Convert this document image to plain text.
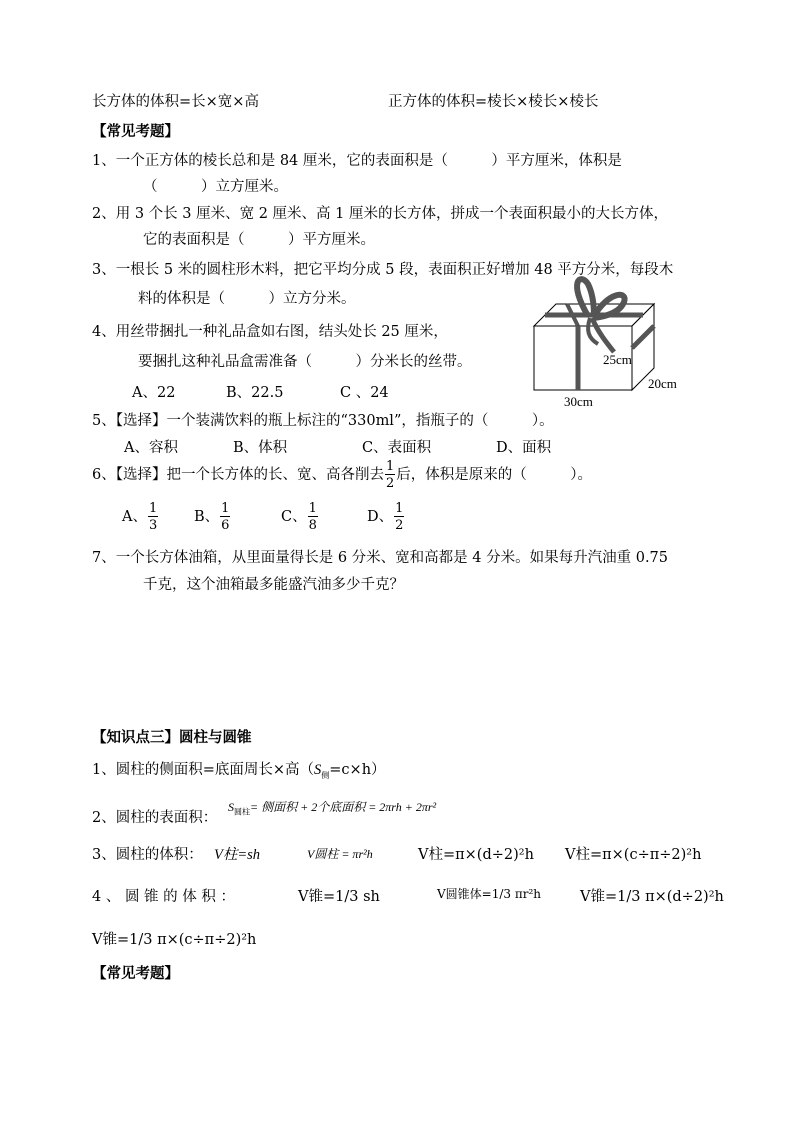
长方体的体积=长×宽×高	正方体的体积=棱长×棱长×棱长
【常见考题】
1、一个正方体的棱长总和是 84 厘米，它的表面积是（　　　）平方厘米，体积是
（　　　）立方厘米。
2、用 3 个长 3 厘米、宽 2 厘米、高 1 厘米的长方体，拼成一个表面积最小的大长方体，
它的表面积是（　　　）平方厘米。
3、一根长 5 米的圆柱形木料，把它平均分成 5 段，表面积正好增加 48 平方分米，每段木
料的体积是（　　　）立方分米。
4、用丝带捆扎一种礼品盒如右图，结头处长 25 厘米，
要捆扎这种礼品盒需准备（　　　）分米长的丝带。
A、22	B、22.5	C 、24
25cm
20cm
30cm
5、【选择】一个装满饮料的瓶上标注的“330ml”，指瓶子的（　　　）。
A、容积	B、体积	C、表面积	D、面积
6、【选择】把一个长方体的长、宽、高各削去 $\frac{1}{2}$ 后，体积是原来的（　　　）。
A、 $\frac{1}{3}$ B、 $\frac{1}{6}$	C、 $\frac{1}{8}$	D、 $\frac{1}{2}$
7、一个长方体油箱，从里面量得长是 6 分米、宽和高都是 4 分米。如果每升汽油重 0.75
千克，这个油箱最多能盛汽油多少千克？
【知识点三】圆柱与圆锥
1、圆柱的侧面积=底面周长×高$(S_侧=c\times h)$
2、圆柱的表面积：
$S_{圆柱}=$ 侧面积 + 2个底面积 = 2πrh + 2πr²
3、圆柱的体积： V柱=sh	V圆柱 = πr²h	V柱=π×(d÷2)²h V柱=π×(c÷π÷2)²h
4 、 圆 锥 的 体 积 ：	V锥=1/3 sh	V圆锥体=1/3 πr²h	V锥=1/3 π×(d÷2)²h
V锥=1/3 π×(c÷π÷2)²h
【常见考题】
